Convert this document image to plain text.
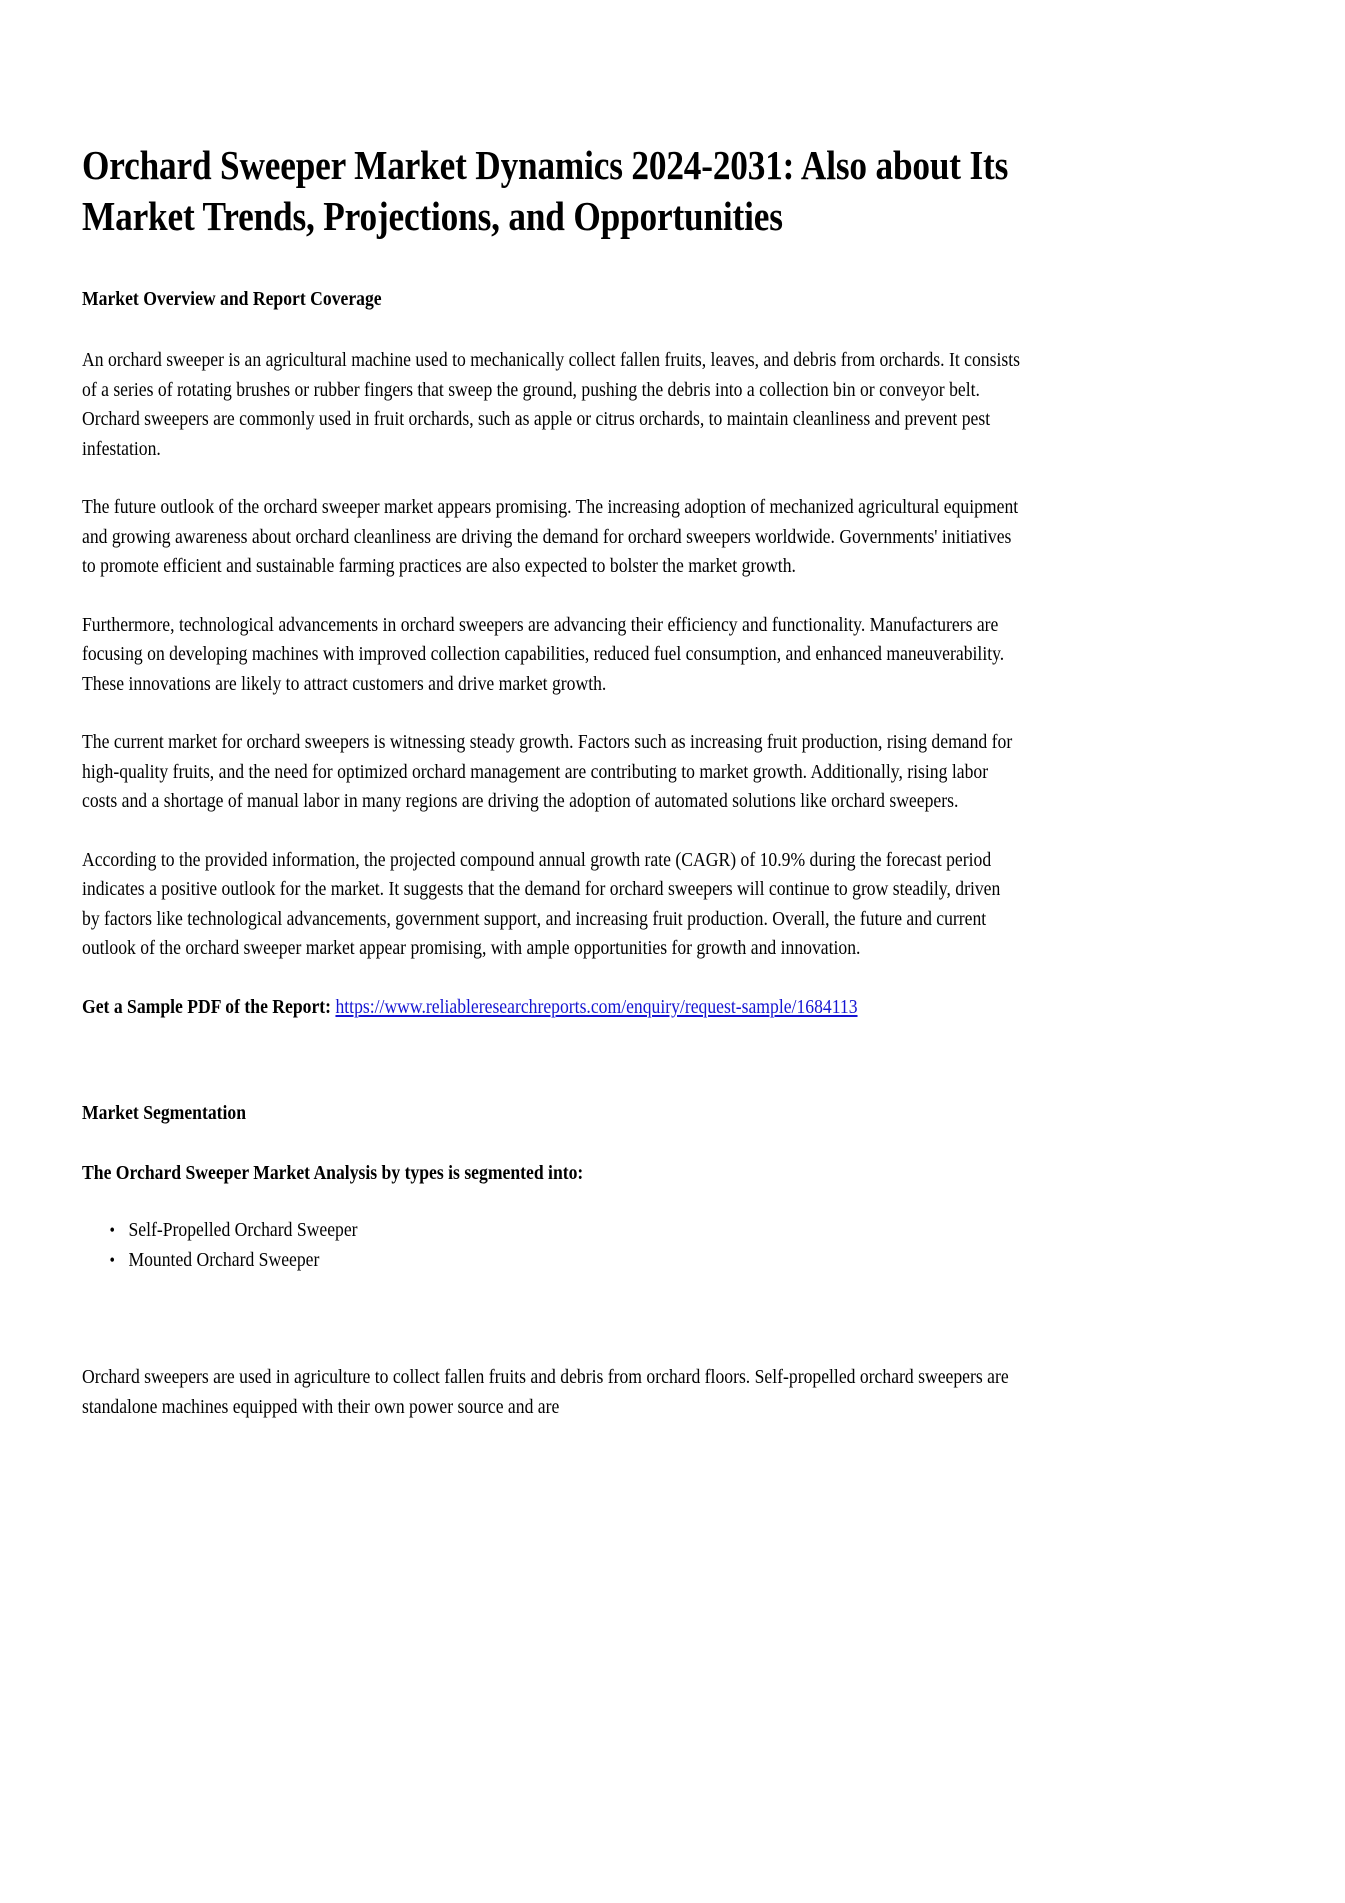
Orchard Sweeper Market Dynamics 2024-2031: Also about Its Market Trends, Projections, and Opportunities
Market Overview and Report Coverage

An orchard sweeper is an agricultural machine used to mechanically collect fallen fruits, leaves, and debris from orchards. It consists of a series of rotating brushes or rubber fingers that sweep the ground, pushing the debris into a collection bin or conveyor belt. Orchard sweepers are commonly used in fruit orchards, such as apple or citrus orchards, to maintain cleanliness and prevent pest infestation.

The future outlook of the orchard sweeper market appears promising. The increasing adoption of mechanized agricultural equipment and growing awareness about orchard cleanliness are driving the demand for orchard sweepers worldwide. Governments' initiatives to promote efficient and sustainable farming practices are also expected to bolster the market growth.

Furthermore, technological advancements in orchard sweepers are advancing their efficiency and functionality. Manufacturers are focusing on developing machines with improved collection capabilities, reduced fuel consumption, and enhanced maneuverability. These innovations are likely to attract customers and drive market growth.

The current market for orchard sweepers is witnessing steady growth. Factors such as increasing fruit production, rising demand for high-quality fruits, and the need for optimized orchard management are contributing to market growth. Additionally, rising labor costs and a shortage of manual labor in many regions are driving the adoption of automated solutions like orchard sweepers.

According to the provided information, the projected compound annual growth rate (CAGR) of 10.9% during the forecast period indicates a positive outlook for the market. It suggests that the demand for orchard sweepers will continue to grow steadily, driven by factors like technological advancements, government support, and increasing fruit production. Overall, the future and current outlook of the orchard sweeper market appear promising, with ample opportunities for growth and innovation.

Get a Sample PDF of the Report: https://www.reliableresearchreports.com/enquiry/request-sample/1684113

Market Segmentation
The Orchard Sweeper Market Analysis by types is segmented into:
• Self-Propelled Orchard Sweeper
• Mounted Orchard Sweeper

Orchard sweepers are used in agriculture to collect fallen fruits and debris from orchard floors. Self-propelled orchard sweepers are standalone machines equipped with their own power source and are
